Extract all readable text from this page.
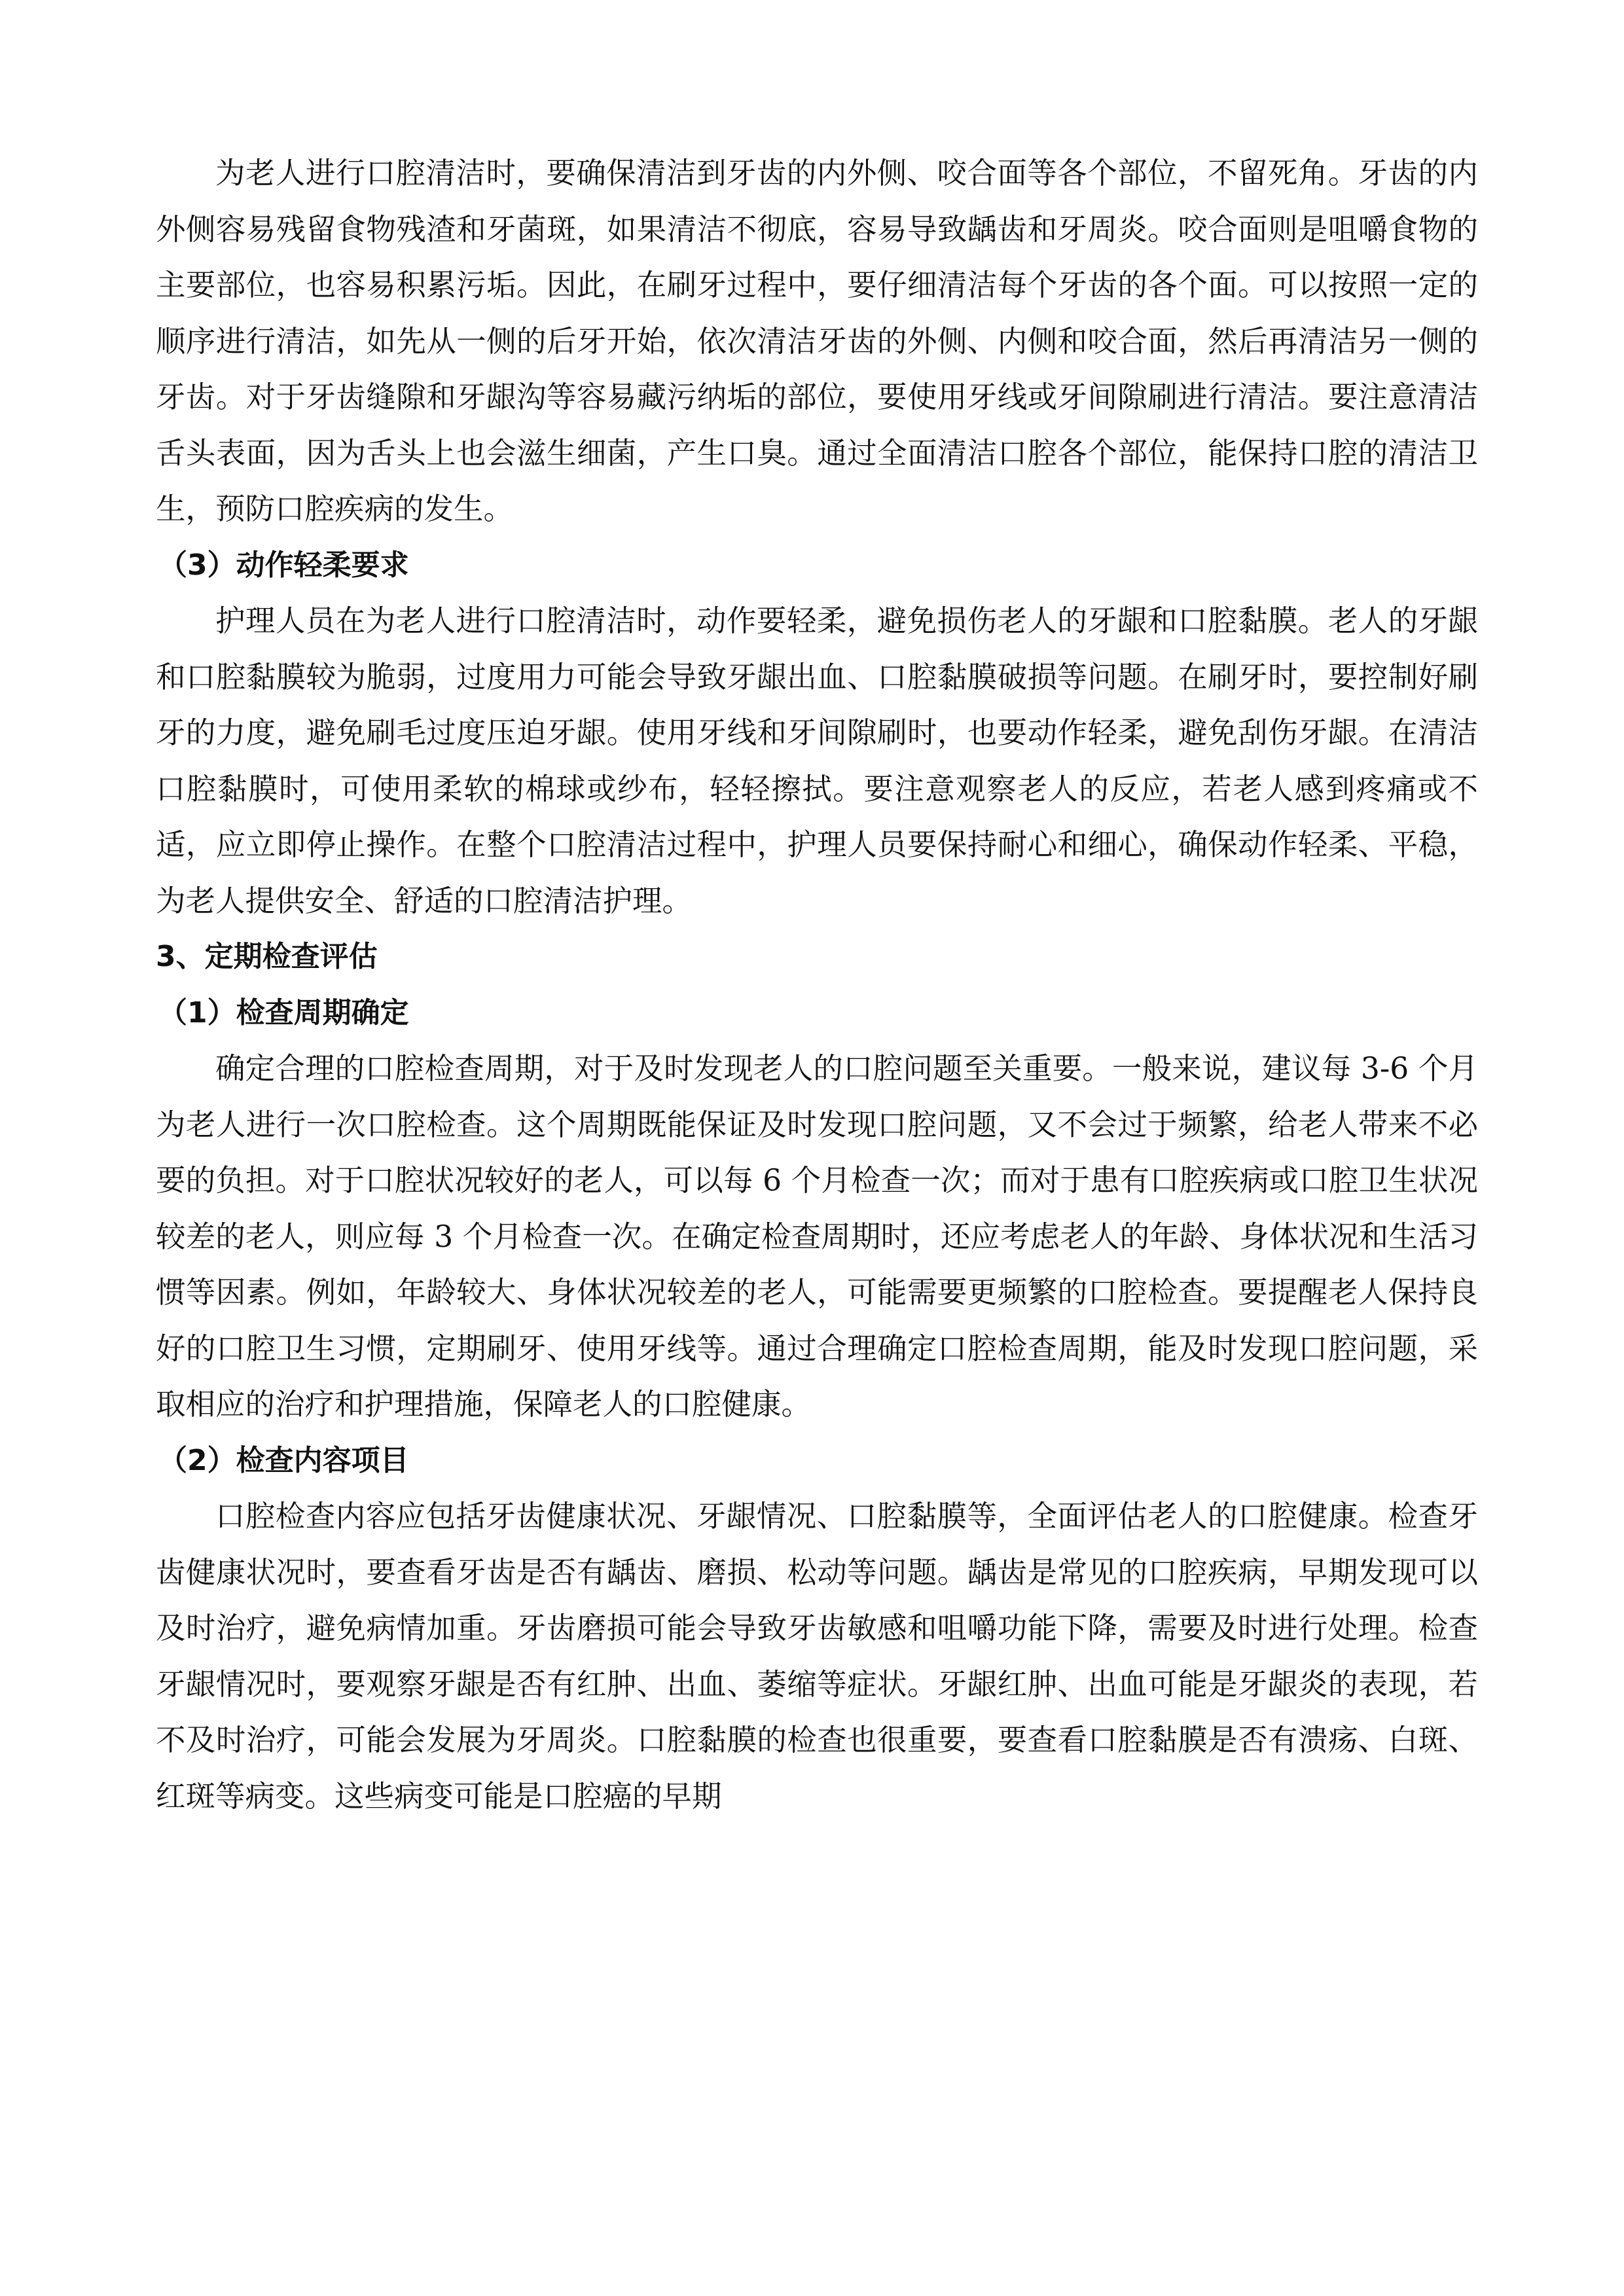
为老人进行口腔清洁时，要确保清洁到牙齿的内外侧、咬合面等各个部位，不留死角。牙齿的内外侧容易残留食物残渣和牙菌斑，如果清洁不彻底，容易导致龋齿和牙周炎。咬合面则是咀嚼食物的主要部位，也容易积累污垢。因此，在刷牙过程中，要仔细清洁每个牙齿的各个面。可以按照一定的顺序进行清洁，如先从一侧的后牙开始，依次清洁牙齿的外侧、内侧和咬合面，然后再清洁另一侧的牙齿。对于牙齿缝隙和牙龈沟等容易藏污纳垢的部位，要使用牙线或牙间隙刷进行清洁。要注意清洁舌头表面，因为舌头上也会滋生细菌，产生口臭。通过全面清洁口腔各个部位，能保持口腔的清洁卫生，预防口腔疾病的发生。

（3）动作轻柔要求

护理人员在为老人进行口腔清洁时，动作要轻柔，避免损伤老人的牙龈和口腔黏膜。老人的牙龈和口腔黏膜较为脆弱，过度用力可能会导致牙龈出血、口腔黏膜破损等问题。在刷牙时，要控制好刷牙的力度，避免刷毛过度压迫牙龈。使用牙线和牙间隙刷时，也要动作轻柔，避免刮伤牙龈。在清洁口腔黏膜时，可使用柔软的棉球或纱布，轻轻擦拭。要注意观察老人的反应，若老人感到疼痛或不适，应立即停止操作。在整个口腔清洁过程中，护理人员要保持耐心和细心，确保动作轻柔、平稳，为老人提供安全、舒适的口腔清洁护理。

3、定期检查评估

（1）检查周期确定

确定合理的口腔检查周期，对于及时发现老人的口腔问题至关重要。一般来说，建议每 3-6 个月为老人进行一次口腔检查。这个周期既能保证及时发现口腔问题，又不会过于频繁，给老人带来不必要的负担。对于口腔状况较好的老人，可以每 6 个月检查一次；而对于患有口腔疾病或口腔卫生状况较差的老人，则应每 3 个月检查一次。在确定检查周期时，还应考虑老人的年龄、身体状况和生活习惯等因素。例如，年龄较大、身体状况较差的老人，可能需要更频繁的口腔检查。要提醒老人保持良好的口腔卫生习惯，定期刷牙、使用牙线等。通过合理确定口腔检查周期，能及时发现口腔问题，采取相应的治疗和护理措施，保障老人的口腔健康。

（2）检查内容项目

口腔检查内容应包括牙齿健康状况、牙龈情况、口腔黏膜等，全面评估老人的口腔健康。检查牙齿健康状况时，要查看牙齿是否有龋齿、磨损、松动等问题。龋齿是常见的口腔疾病，早期发现可以及时治疗，避免病情加重。牙齿磨损可能会导致牙齿敏感和咀嚼功能下降，需要及时进行处理。检查牙龈情况时，要观察牙龈是否有红肿、出血、萎缩等症状。牙龈红肿、出血可能是牙龈炎的表现，若不及时治疗，可能会发展为牙周炎。口腔黏膜的检查也很重要，要查看口腔黏膜是否有溃疡、白斑、红斑等病变。这些病变可能是口腔癌的早期
